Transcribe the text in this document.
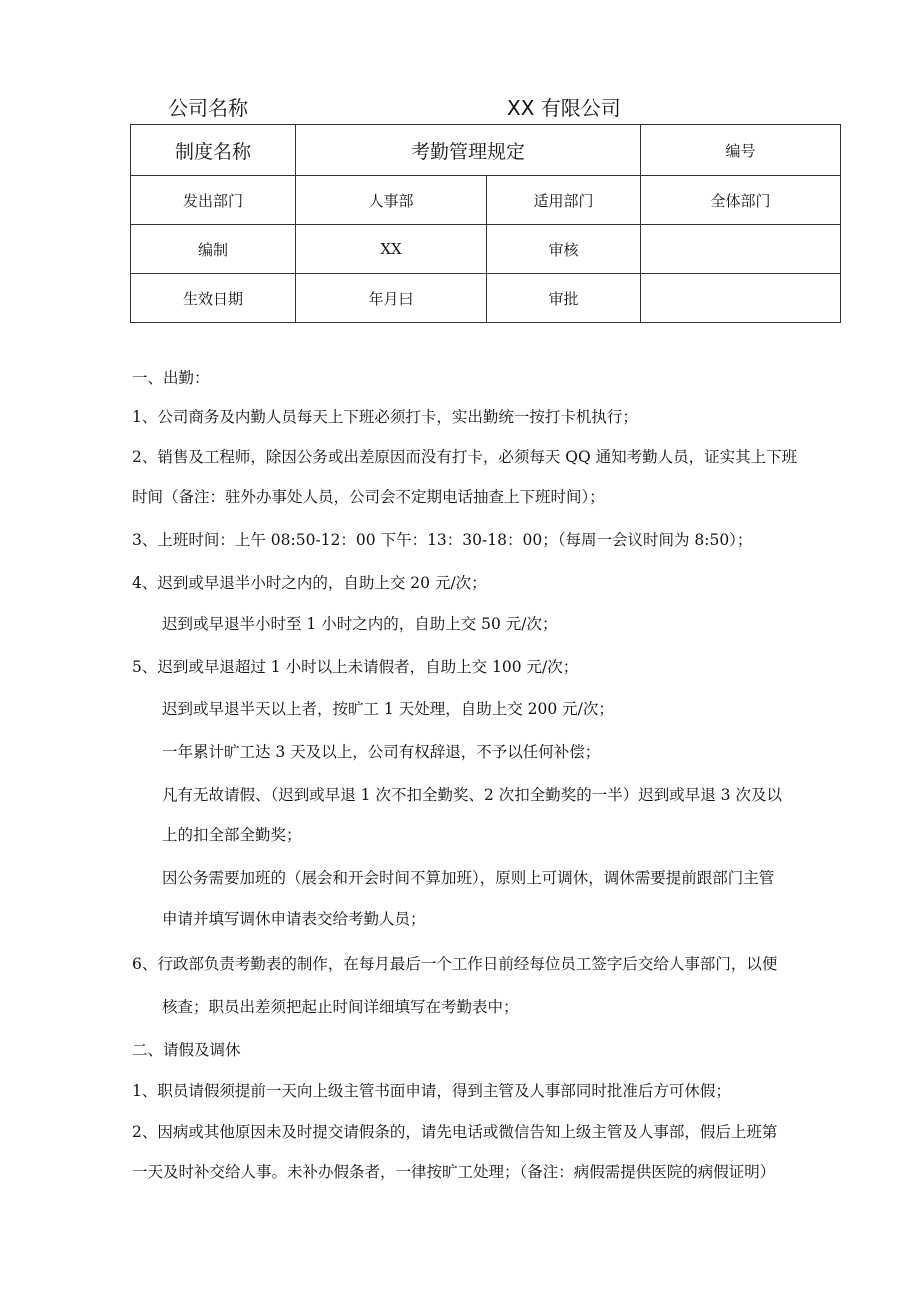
公司名称	XX 有限公司
制度名称	考勤管理规定		编号
发出部门	人事部	适用部门	全体部门
编制	XX	审核	
生效日期	年月曰	审批	
一、出勤：
1、公司商务及内勤人员每天上下班必须打卡，实出勤统一按打卡机执行；
2、销售及工程师，除因公务或出差原因而没有打卡，必须每天 QQ 通知考勤人员，证实其上下班
时间（备注：驻外办事处人员，公司会不定期电话抽查上下班时间）；
3、上班时间：上午 08:50-12：00 下午：13：30-18：00；（每周一会议时间为 8:50）；
4、迟到或早退半小时之内的，自助上交 20 元/次；
迟到或早退半小时至 1 小时之内的，自助上交 50 元/次；
5、迟到或早退超过 1 小时以上未请假者，自助上交 100 元/次；
迟到或早退半天以上者，按旷工 1 天处理，自助上交 200 元/次；
一年累计旷工达 3 天及以上，公司有权辞退，不予以任何补偿；
凡有无故请假、（迟到或早退 1 次不扣全勤奖、2 次扣全勤奖的一半）迟到或早退 3 次及以
上的扣全部全勤奖；
因公务需要加班的（展会和开会时间不算加班），原则上可调休，调休需要提前跟部门主管
申请并填写调休申请表交给考勤人员；
6、行政部负责考勤表的制作，在每月最后一个工作日前经每位员工签字后交给人事部门，以便
核查；职员出差须把起止时间详细填写在考勤表中；
二、请假及调休
1、职员请假须提前一天向上级主管书面申请，得到主管及人事部同时批准后方可休假；
2、因病或其他原因未及时提交请假条的，请先电话或微信告知上级主管及人事部，假后上班第
一天及时补交给人事。未补办假条者，一律按旷工处理；（备注：病假需提供医院的病假证明）
